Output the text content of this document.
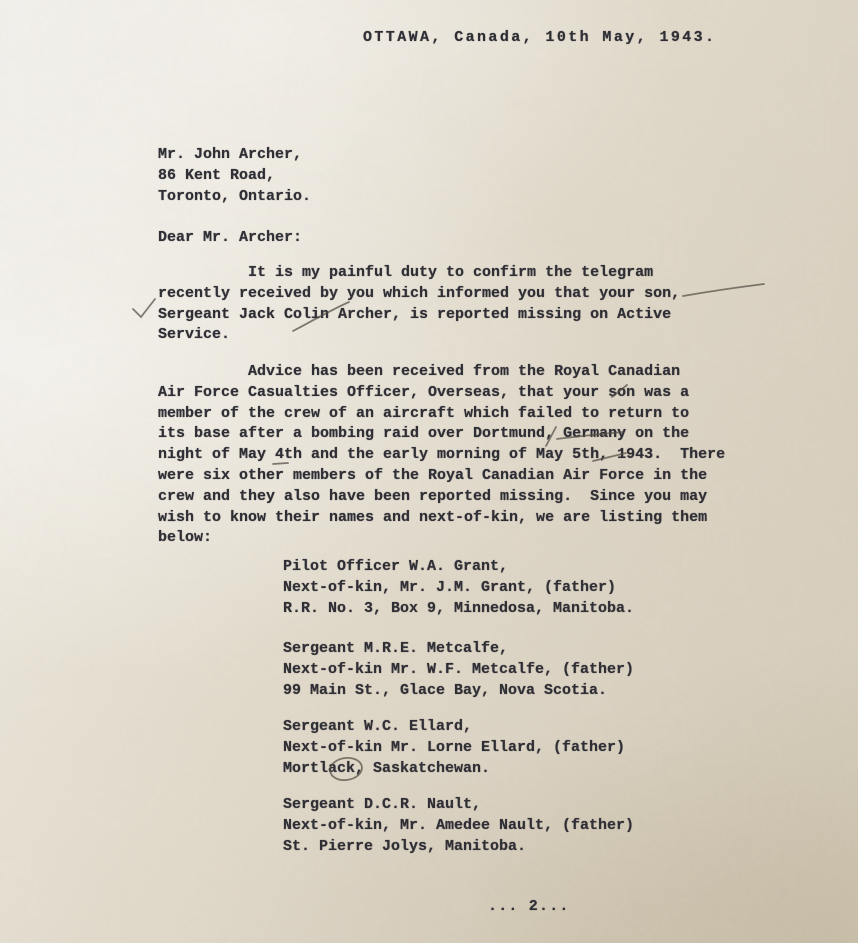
OTTAWA, Canada, 10th May, 1943.
Mr. John Archer,
86 Kent Road,
Toronto, Ontario.
Dear Mr. Archer:
It is my painful duty to confirm the telegram
recently received by you which informed you that your son,
Sergeant Jack Colin Archer, is reported missing on Active
Service.
Advice has been received from the Royal Canadian
Air Force Casualties Officer, Overseas, that your son was a
member of the crew of an aircraft which failed to return to
its base after a bombing raid over Dortmund, Germany on the
night of May 4th and the early morning of May 5th, 1943.  There
were six other members of the Royal Canadian Air Force in the
crew and they also have been reported missing.  Since you may
wish to know their names and next-of-kin, we are listing them
below:
Pilot Officer W.A. Grant,
Next-of-kin, Mr. J.M. Grant, (father)
R.R. No. 3, Box 9, Minnedosa, Manitoba.
Sergeant M.R.E. Metcalfe,
Next-of-kin Mr. W.F. Metcalfe, (father)
99 Main St., Glace Bay, Nova Scotia.
Sergeant W.C. Ellard,
Next-of-kin Mr. Lorne Ellard, (father)
Mortlack, Saskatchewan.
Sergeant D.C.R. Nault,
Next-of-kin, Mr. Amedee Nault, (father)
St. Pierre Jolys, Manitoba.
... 2...
